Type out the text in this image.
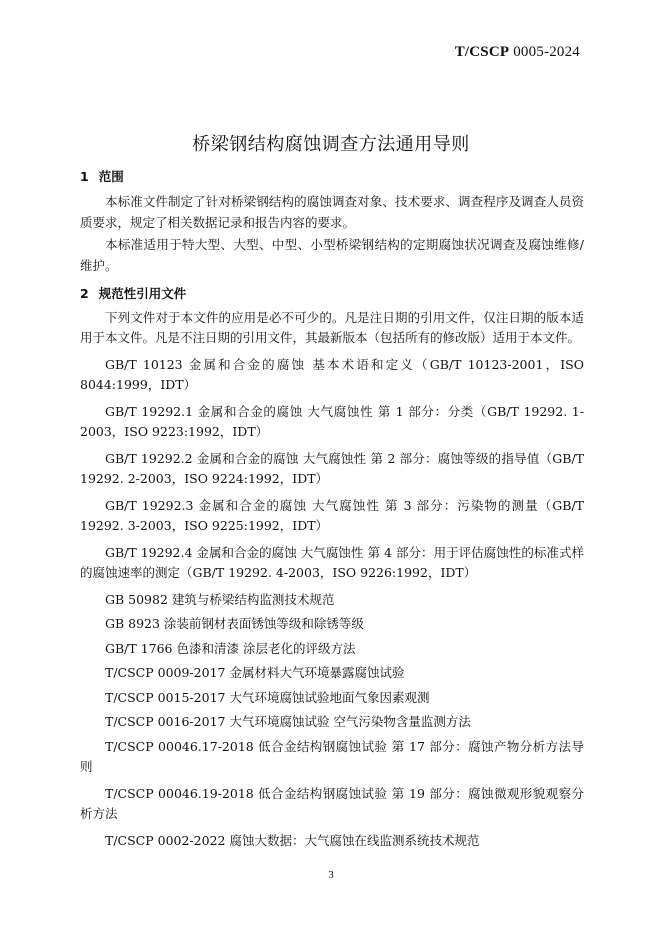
T/CSCP 0005-2024
桥梁钢结构腐蚀调查方法通用导则
1 范围

本标准文件制定了针对桥梁钢结构的腐蚀调查对象、技术要求、调查程序及调查人员资质要求，规定了相关数据记录和报告内容的要求。

本标准适用于特大型、大型、中型、小型桥梁钢结构的定期腐蚀状况调查及腐蚀维修/维护。

2 规范性引用文件

下列文件对于本文件的应用是必不可少的。凡是注日期的引用文件，仅注日期的版本适用于本文件。凡是不注日期的引用文件，其最新版本（包括所有的修改版）适用于本文件。

GB/T 10123 金属和合金的腐蚀 基本术语和定义（GB/T 10123-2001，ISO 8044:1999，IDT）

GB/T 19292.1 金属和合金的腐蚀 大气腐蚀性 第 1 部分：分类（GB/T 19292. 1-2003，ISO 9223:1992，IDT）

GB/T 19292.2 金属和合金的腐蚀 大气腐蚀性 第 2 部分：腐蚀等级的指导值（GB/T 19292. 2-2003，ISO 9224:1992，IDT）

GB/T 19292.3 金属和合金的腐蚀 大气腐蚀性 第 3 部分：污染物的测量（GB/T 19292. 3-2003，ISO 9225:1992，IDT）

GB/T 19292.4 金属和合金的腐蚀 大气腐蚀性 第 4 部分：用于评估腐蚀性的标准式样的腐蚀速率的测定（GB/T 19292. 4-2003，ISO 9226:1992，IDT）

GB 50982 建筑与桥梁结构监测技术规范

GB 8923 涂装前钢材表面锈蚀等级和除锈等级

GB/T 1766 色漆和清漆 涂层老化的评级方法

T/CSCP 0009-2017 金属材料大气环境暴露腐蚀试验

T/CSCP 0015-2017 大气环境腐蚀试验地面气象因素观测

T/CSCP 0016-2017 大气环境腐蚀试验 空气污染物含量监测方法

T/CSCP 00046.17-2018 低合金结构钢腐蚀试验 第 17 部分：腐蚀产物分析方法导则

T/CSCP 00046.19-2018 低合金结构钢腐蚀试验 第 19 部分：腐蚀微观形貌观察分析方法

T/CSCP 0002-2022 腐蚀大数据：大气腐蚀在线监测系统技术规范

3
